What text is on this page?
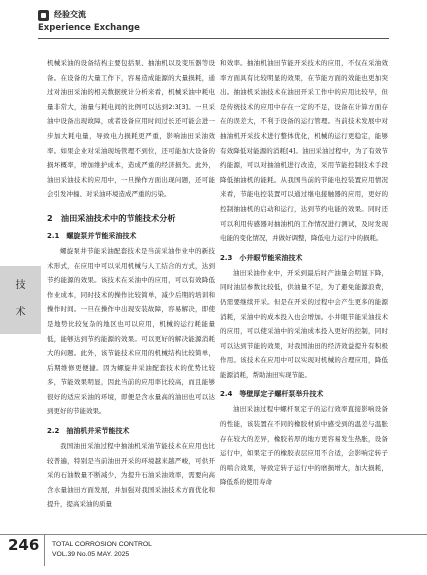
经验交流
Experience Exchange
技
术

机械采油的设备结构主要包括泵、抽油机以及变压器等设备。在设备的大量工作下，容易造成能源的大量损耗，通过对油田采油的相关数据统计分析来看，机械采油中耗电量非常大，油量与耗电间的比例可以达到2:3[3]。一旦采油中设备出现故障，或者设备应用时间过长还可能会进一步加大耗电量，导致电力损耗更严重，影响油田采油效率。如果企业对采油现场管理不到位，还可能加大设备的损坏概率，增加维护成本，造成严重的经济损失。此外，油田采油技术的应用中，一旦操作方面出现问题，还可能会引发冲撞、对采油环境造成严重的污染。

2　油田采油技术中的节能技术分析
2.1　螺旋泵并节能采油技术

螺旋泵井节能采油配套技术是当前采油作业中的新技术形式，在应用中可以采用机械与人工结合的方式，达到节约能源的效果。该技术在采油中的应用，可以有效降低作业成本，同时技术的操作比较简单，减少后期的培训和操作时间。一旦在操作中出现安装故障，容易解决，即使是地势比较复杂的地区也可以应用，机械的运行耗能量低，能够达到节约能源的效果。可以更好的解决能源消耗大的问题。此外，该节能技术应用的机械结构比较简单，后期维修更便捷。因为螺旋井采油配套技术的优势比较多，节能效果明显，因此当前的应用率比较高，而且能够很好的适应采油的环境，即便是含水量高的油田也可以达到更好的节能效果。

2.2　抽油机井采节能技术

我国油田采油过程中抽油机采油节能技术在应用也比较普遍，特别是当前油田开采的环境越来越严峻，可供开采的石油数量不断减少，为提升石油采油效率，需要向高含水量油田方面发展，并加强对我国采油技术方面优化和提升，提高采油的质量

和效率。抽油机油田节能开采技术的应用，不仅在采油效率方面具有比较明显的效果，在节能方面的效能也更加突出。抽油机采油技术在油田开采工作中的应用比较早，但是传统技术的应用中存在一定的不足，设备在计算方面存在的误差大，不利于设备的运行管理。当前技术发展中对抽油机开采技术进行整体优化，机械的运行更稳定，能够有效降低对能源的消耗[4]。油田采油过程中，为了有效节约能源，可以对抽油机进行改造，采用节能控制技术手段降低抽油机的能耗。从我国当前的节能电控装置应用情况来看，节能电控装置可以通过继电接触器的应用，更好的控制抽油机的启动和运行，达到节约电能的效果。同时还可以利用传感器对抽油机的工作情况进行测试，及时发现电能的变化情况，并做好调整，降低电力运行中的损耗。

2.3　小井眼节能采油技术

油田采油作业中，开采到最后时产油量会明显下降，同时油层参数比较低，供油量不足，为了避免能源浪费，仍需要继续开采。但是在开采的过程中会产生更多的能源消耗，采油中的成本投入也会增加。小井眼节能采油技术的应用，可以使采油中的采油成本投入更好的控制，同时可以达到节能的效果，对我国油田的经济效益提升有积极作用。该技术在应用中可以实现对机械的合理应用，降低能源消耗，帮助油田实现节能。

2.4　等壁厚定子螺杆泵举升技术

油田采油过程中螺杆泵定子的运行效率直接影响设备的性能，该装置在不同的橡胶材质中感受到的温差与温胀存在较大的差异，橡胶若厚的地方更容易发生热胀，设备运行中，如果定子的橡胶表层应用不合适，会影响定转子的啮合效果，导致定转子运行中的磨损增大，加大损耗，降低系的使用寿命

246 TOTAL CORROSION CONTROL
VOL.39 No.05 MAY. 2025
